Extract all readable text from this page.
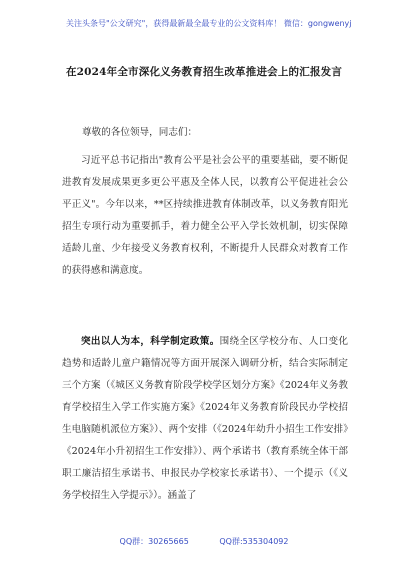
关注头条号"公文研究"，获得最新最全最专业的公文资料库！ 微信：gongwenyj
在2024年全市深化义务教育招生改革推进会上的汇报发言
尊敬的各位领导，同志们：

习近平总书记指出"教育公平是社会公平的重要基础，要不断促进教育发展成果更多更公平惠及全体人民，以教育公平促进社会公平正义"。今年以来，**区持续推进教育体制改革，以义务教育阳光招生专项行动为重要抓手，着力健全公平入学长效机制，切实保障适龄儿童、少年接受义务教育权利，不断提升人民群众对教育工作的获得感和满意度。

突出以人为本，科学制定政策。围绕全区学校分布、人口变化趋势和适龄儿童户籍情况等方面开展深入调研分析，结合实际制定三个方案（《城区义务教育阶段学校学区划分方案》《2024年义务教育学校招生入学工作实施方案》《2024年义务教育阶段民办学校招生电脑随机派位方案》）、两个安排（《2024年幼升小招生工作安排》《2024年小升初招生工作安排》）、两个承诺书（教育系统全体干部职工廉洁招生承诺书、申报民办学校家长承诺书）、一个提示（《义务学校招生入学提示》）。涵盖了

QQ群：30265665	QQ群:535304092
